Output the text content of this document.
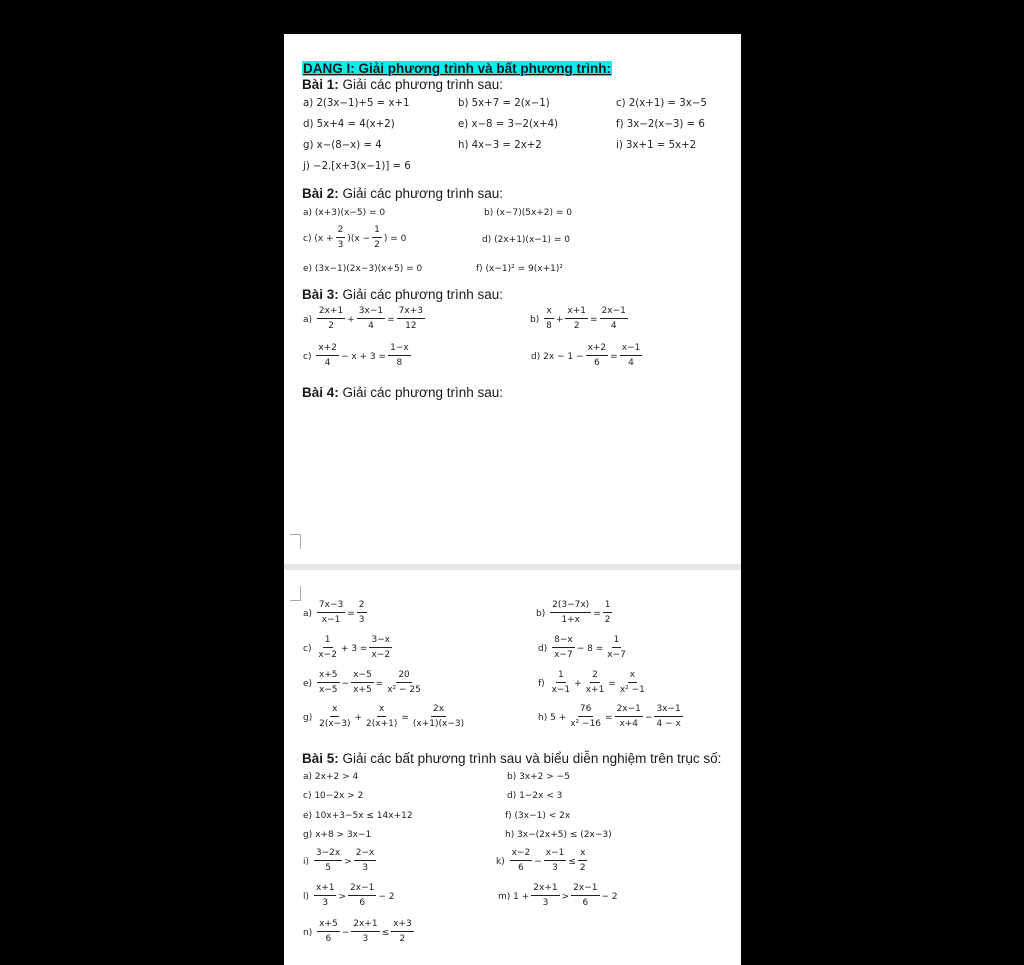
DANG I: Giải phương trình và bất phương trình:
Bài 1: Giải các phương trình sau:
a) 2(3x−1)+5 = x+1	b) 5x+7 = 2(x−1)	c) 2(x+1) = 3x−5
d) 5x+4 = 4(x+2)	e) x−8 = 3−2(x+4)	f) 3x−2(x−3) = 6
g) x−(8−x) = 4	h) 4x−3 = 2x+2	i) 3x+1 = 5x+2
j) −2.[x+3(x−1)] = 6
Bài 2: Giải các phương trình sau:
a) (x+3)(x−5) = 0	b) (x−7)(5x+2) = 0
c) $(x + \frac{2}{3} )(x - \frac{1}{2}$ ) = 0	d) (2x+1)(x−1) = 0
e) (3x−1)(2x−3)(x+5) = 0	f) (x−1)² = 9(x+1)²
Bài 3: Giải các phương trình sau:
$a) \frac{2x+1}{2} + \frac{3x-1}{4} = \frac{7x+3}{12}$	$b) \frac{x}{8} + \frac{x+1}{2} = \frac{2x-1}{4}$
$c) \frac{x+2}{4} - x + 3 = \frac{1-x}{8}$	d) $2x - 1 - \frac{x+2}{6} = \frac{x-1}{4}$
Bài 4: Giải các phương trình sau:
$a) \frac{7x-3}{x-1} = \frac{2}{3}$	$b) \frac{2(3-7x)}{1+x} = \frac{1}{2}$
$c) \frac{1}{x-2} + 3 = \frac{3-x}{x-2}$	$d) \frac{8-x}{x-7} - 8 = \frac{1}{x-7}$
$e) \frac{x+5}{x-5} - \frac{x-5}{x+5} = \frac{20}{\text{x² − 25}}$	$f) \frac{1}{x-1} + \frac{2}{x+1} = \frac{x}{\text{x² −1}}$
$g) \frac{x}{2(x-3)} + \frac{x}{2(x+1)} = \frac{2x}{(x+1)(x-3)}$	h) $5 + \frac{76}{\text{x² −16}} = \frac{2x-1}{x+4} - \frac{3x-1}{4 - x}$
Bài 5: Giải các bất phương trình sau và biểu diễn nghiệm trên trục số:
a) 2x+2 > 4	b) 3x+2 > −5
c) 10−2x > 2	d) 1−2x < 3
e) 10x+3−5x ≤ 14x+12	f) (3x−1) < 2x
g) x+8 > 3x−1	h) 3x−(2x+5) ≤ (2x−3)
$i) \frac{3-2x}{5} > \frac{2-x}{3}$	$k) \frac{x-2}{6} - \frac{x-1}{3} \le \frac{x}{2}$
$l) \frac{x+1}{3} > \frac{2x-1}{6} - 2$	m) $1 + \frac{2x+1}{3} > \frac{2x-1}{6} - 2$
$n) \frac{x+5}{6} - \frac{2x+1}{3} \le \frac{x+3}{2}$
